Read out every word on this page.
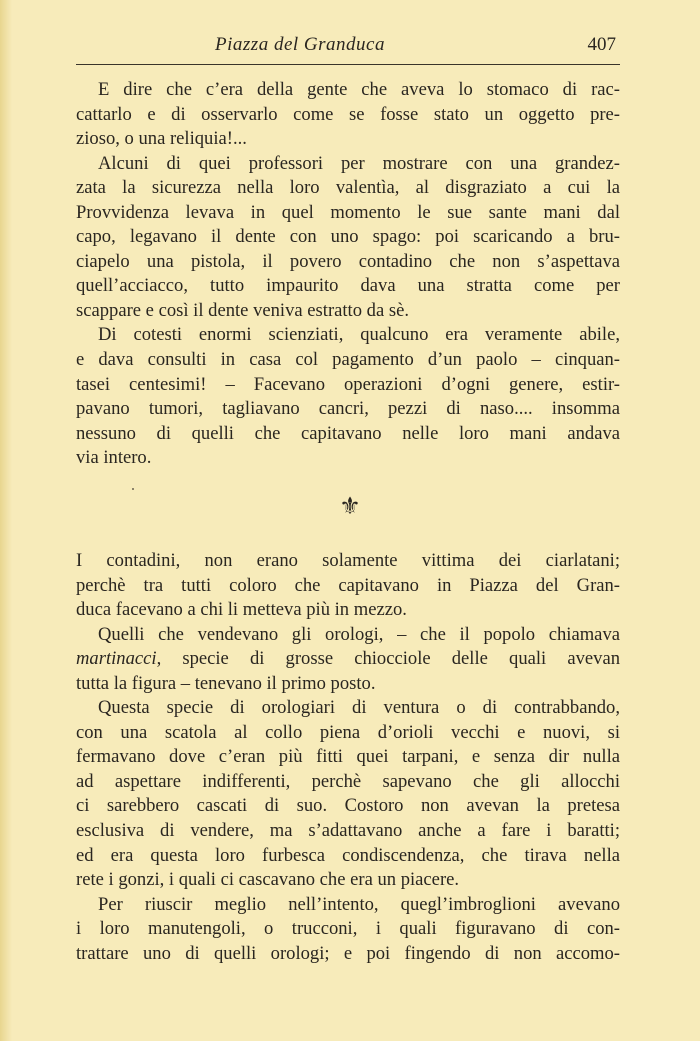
Piazza del Granduca	407
E dire che c’era della gente che aveva lo stomaco di rac-
cattarlo e di osservarlo come se fosse stato un oggetto pre-
zioso, o una reliquia!...
Alcuni di quei professori per mostrare con una grandez-
zata la sicurezza nella loro valentìa, al disgraziato a cui la
Provvidenza levava in quel momento le sue sante mani dal
capo, legavano il dente con uno spago: poi scaricando a bru-
ciapelo una pistola, il povero contadino che non s’aspettava
quell’acciacco, tutto impaurito dava una stratta come per
scappare e così il dente veniva estratto da sè.
Di cotesti enormi scienziati, qualcuno era veramente abile,
e dava consulti in casa col pagamento d’un paolo – cinquan-
tasei centesimi! – Facevano operazioni d’ogni genere, estir-
pavano tumori, tagliavano cancri, pezzi di naso.... insomma
nessuno di quelli che capitavano nelle loro mani andava
via intero.
⚜
I contadini, non erano solamente vittima dei ciarlatani;
perchè tra tutti coloro che capitavano in Piazza del Gran-
duca facevano a chi li metteva più in mezzo.
Quelli che vendevano gli orologi, – che il popolo chiamava
martinacci, specie di grosse chiocciole delle quali avevan
tutta la figura – tenevano il primo posto.
Questa specie di orologiari di ventura o di contrabbando,
con una scatola al collo piena d’orioli vecchi e nuovi, si
fermavano dove c’eran più fitti quei tarpani, e senza dir nulla
ad aspettare indifferenti, perchè sapevano che gli allocchi
ci sarebbero cascati di suo. Costoro non avevan la pretesa
esclusiva di vendere, ma s’adattavano anche a fare i baratti;
ed era questa loro furbesca condiscendenza, che tirava nella
rete i gonzi, i quali ci cascavano che era un piacere.
Per riuscir meglio nell’intento, quegl’imbroglioni avevano
i loro manutengoli, o trucconi, i quali figuravano di con-
trattare uno di quelli orologi; e poi fingendo di non accomo-
